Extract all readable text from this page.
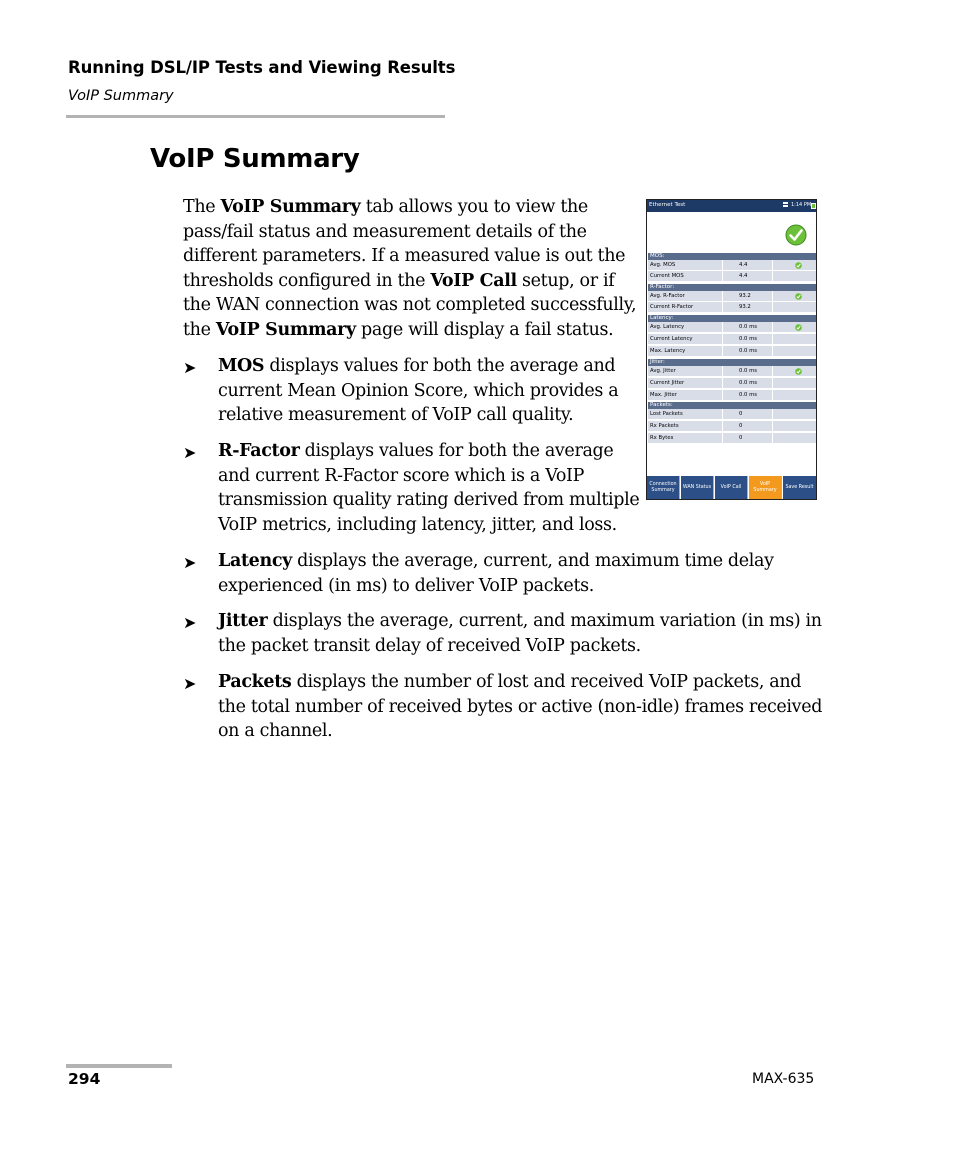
Running DSL/IP Tests and Viewing Results
VoIP Summary
VoIP Summary
The VoIP Summary tab allows you to view the pass/fail status and measurement details of the different parameters. If a measured value is out the thresholds configured in the VoIP Call setup, or if the WAN connection was not completed successfully, the VoIP Summary page will display a fail status.
➤ MOS displays values for both the average and current Mean Opinion Score, which provides a relative measurement of VoIP call quality.
➤ R-Factor displays values for both the average and current R-Factor score which is a VoIP transmission quality rating derived from multiple VoIP metrics, including latency, jitter, and loss.
➤ Latency displays the average, current, and maximum time delay experienced (in ms) to deliver VoIP packets.
➤ Jitter displays the average, current, and maximum variation (in ms) in the packet transit delay of received VoIP packets.
➤ Packets displays the number of lost and received VoIP packets, and the total number of received bytes or active (non-idle) frames received on a channel.
Ethernet Test	1:14 PM
MOS:
Avg. MOS	4.4
Current MOS	4.4
R-Factor:
Avg. R-Factor	93.2
Current R-Factor	93.2
Latency:
Avg. Latency	0.0 ms
Current Latency	0.0 ms
Max. Latency	0.0 ms
Jitter:
Avg. Jitter	0.0 ms
Current Jitter	0.0 ms
Max. Jitter	0.0 ms
Packets:
Lost Packets	0
Rx Packets	0
Rx Bytes	0
Connection Summary
WAN Status	VoIP Call
VoIP Summary
Save Result
294	MAX-635
